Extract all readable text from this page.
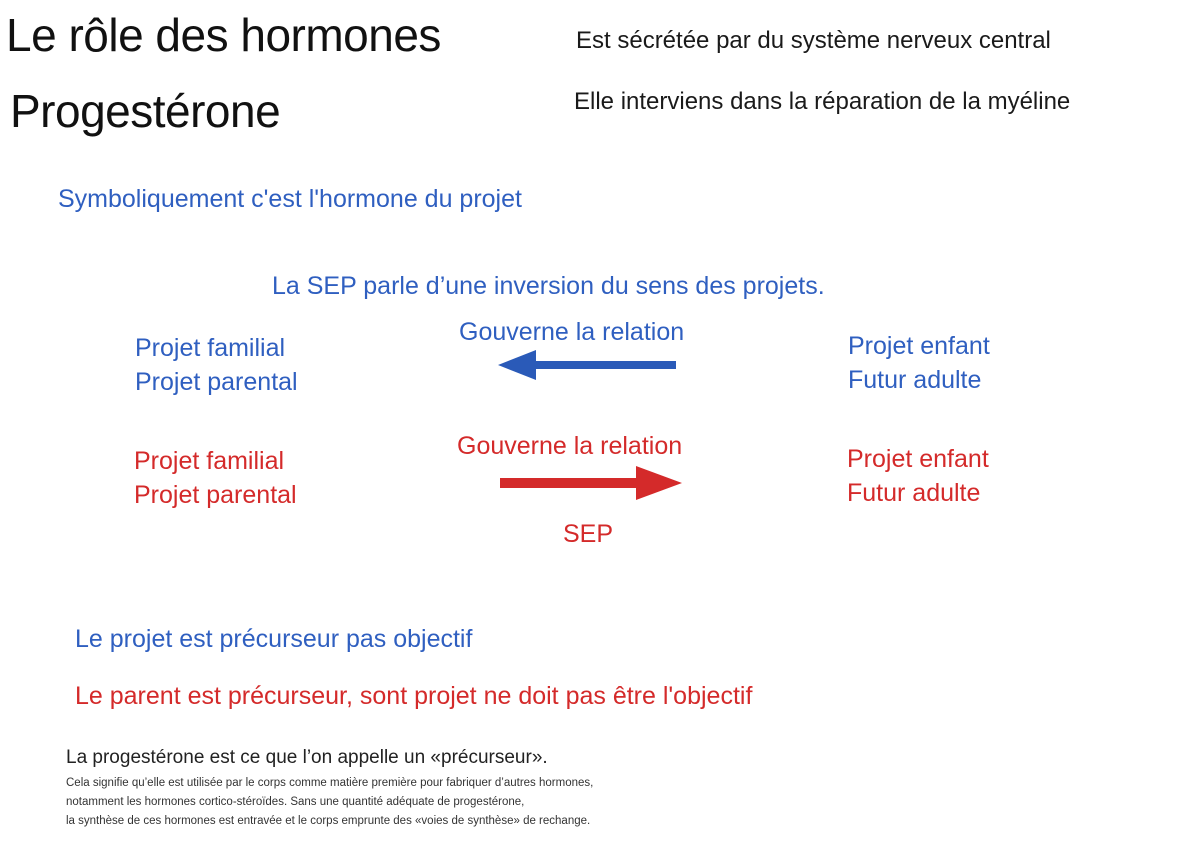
Le rôle des hormones
Progestérone
Est sécrétée par du système nerveux central
Elle interviens dans la réparation de la myéline
Symboliquement c'est l'hormone du projet
La SEP parle d’une inversion du sens des projets.
Projet familial
Projet parental
Gouverne la relation	Projet enfant
Futur adulte
Projet familial
Projet parental
Gouverne la relation
SEP
Projet enfant
Futur adulte
Le projet est précurseur pas objectif
Le parent est précurseur, sont projet ne doit pas être l'objectif
La progestérone est ce que l’on appelle un «précurseur».
Cela signifie qu’elle est utilisée par le corps comme matière première pour fabriquer d’autres hormones,
notamment les hormones cortico-stéroïdes. Sans une quantité adéquate de progestérone,
la synthèse de ces hormones est entravée et le corps emprunte des «voies de synthèse» de rechange.
